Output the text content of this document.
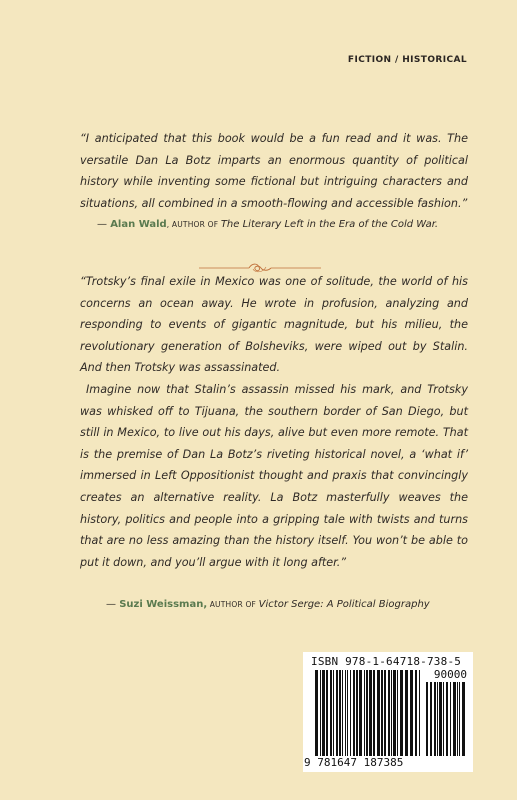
FICTION / HISTORICAL

“I anticipated that this book would be a fun read and it was. The versatile Dan La Botz imparts an enormous quantity of political history while inventing some fictional but intriguing characters and situations, all combined in a smooth-flowing and accessible fashion.”

— Alan Wald, AUTHOR OF The Literary Left in the Era of the Cold War.

“Trotsky’s final exile in Mexico was one of solitude, the world of his concerns an ocean away. He wrote in profusion, analyzing and responding to events of gigantic magnitude, but his milieu, the revolutionary generation of Bolsheviks, were wiped out by Stalin. And then Trotsky was assassinated.

Imagine now that Stalin’s assassin missed his mark, and Trotsky was whisked off to Tijuana, the southern border of San Diego, but still in Mexico, to live out his days, alive but even more remote. That is the premise of Dan La Botz’s riveting historical novel, a ‘what if’ immersed in Left Oppositionist thought and praxis that convincingly creates an alternative reality. La Botz masterfully weaves the history, politics and people into a gripping tale with twists and turns that are no less amazing than the history itself. You won’t be able to put it down, and you’ll argue with it long after.”

— Suzi Weissman, AUTHOR OF Victor Serge: A Political Biography
ISBN 978-1-64718-738-5
90000
9 781647 187385
